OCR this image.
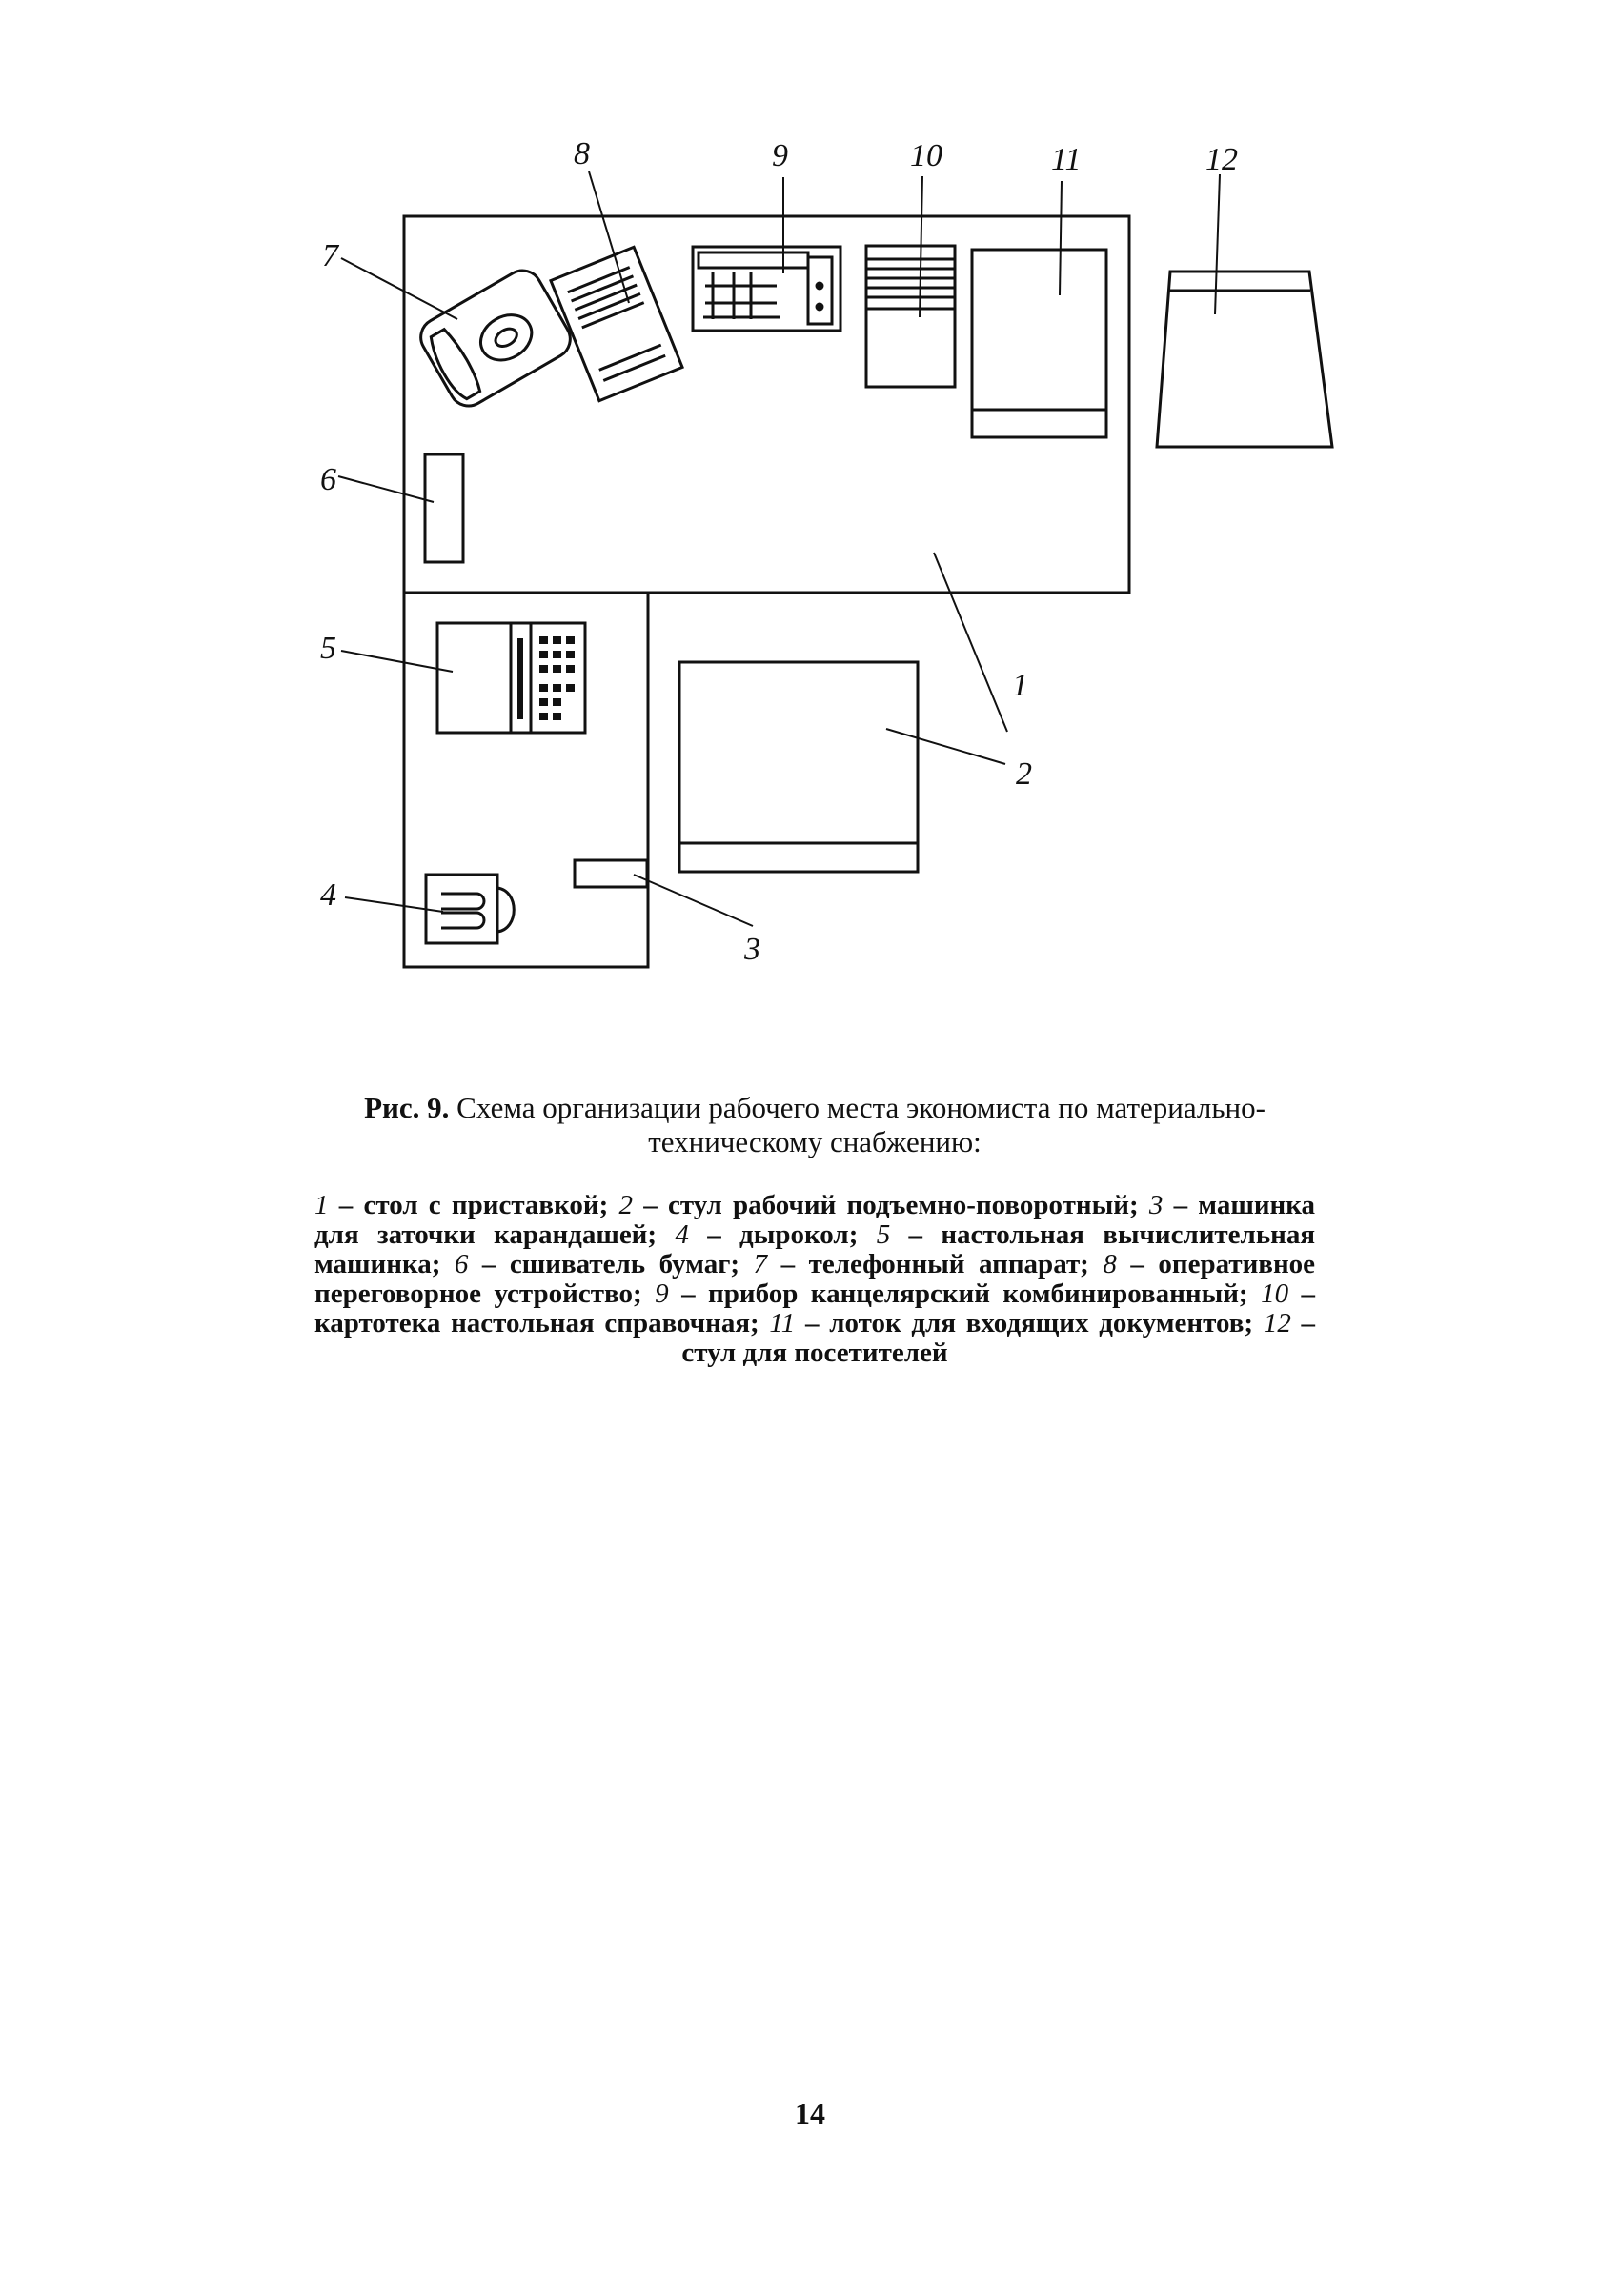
1
2
3
4
5
6
7
8	9	10	11	12
Рис. 9. Схема организации рабочего места экономиста по материально-техническому снабжению:
1 – стол с приставкой; 2 – стул рабочий подъемно-поворотный; 3 – машинка для заточки карандашей; 4 – дырокол; 5 – настольная вычислительная машинка; 6 – сшиватель бумаг; 7 – телефонный аппарат; 8 – оперативное переговорное устройство; 9 – прибор канцелярский комбинированный; 10 – картотека настольная справочная; 11 – лоток для входящих документов; 12 – стул для посетителей
14
